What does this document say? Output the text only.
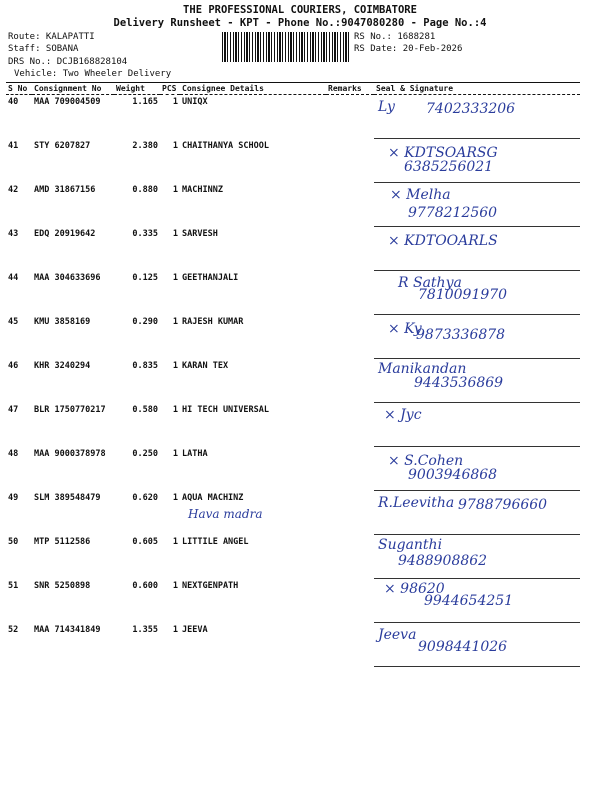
THE PROFESSIONAL COURIERS, COIMBATORE
Delivery Runsheet - KPT - Phone No.:9047080280 - Page No.:4
Route: KALAPATTI
Staff: SOBANA
DRS No.: DCJB168828104
Vehicle: Two Wheeler Delivery
RS No.: 1688281
RS Date: 20-Feb-2026
S No	Consignment No	Weight	PCS	Consignee Details	Remarks	Seal & Signature
40	MAA 709004509	1.165	1	UNIQX		Ly 7402333206

41	STY 6207827	2.380	1	CHAITHANYA SCHOOL		× KDTSOARSG
6385256021

42	AMD 31867156	0.880	1	MACHINNZ		× Melha
9778212560

43	EDQ 20919642	0.335	1	SARVESH		× KDTOOARLS

44	MAA 304633696	0.125	1	GEETHANJALI		R Sathya
7810091970

45	KMU 3858169	0.290	1	RAJESH KUMAR		× Ky
9873336878

46	KHR 3240294	0.835	1	KARAN TEX		Manikandan
9443536869

47	BLR 1750770217	0.580	1	HI TECH UNIVERSAL		× Jyc

48	MAA 9000378978	0.250	1	LATHA		× S.Cohen
9003946868

49	SLM 389548479	0.620	1	AQUA MACHINZ
Hava madra		R.Leevitha 9788796660

50	MTP 5112586	0.605	1	LITTILE ANGEL		Suganthi
9488908862

51	SNR 5250898	0.600	1	NEXTGENPATH		× 98620
9944654251

52	MAA 714341849	1.355	1	JEEVA		Jeeva
9098441026
